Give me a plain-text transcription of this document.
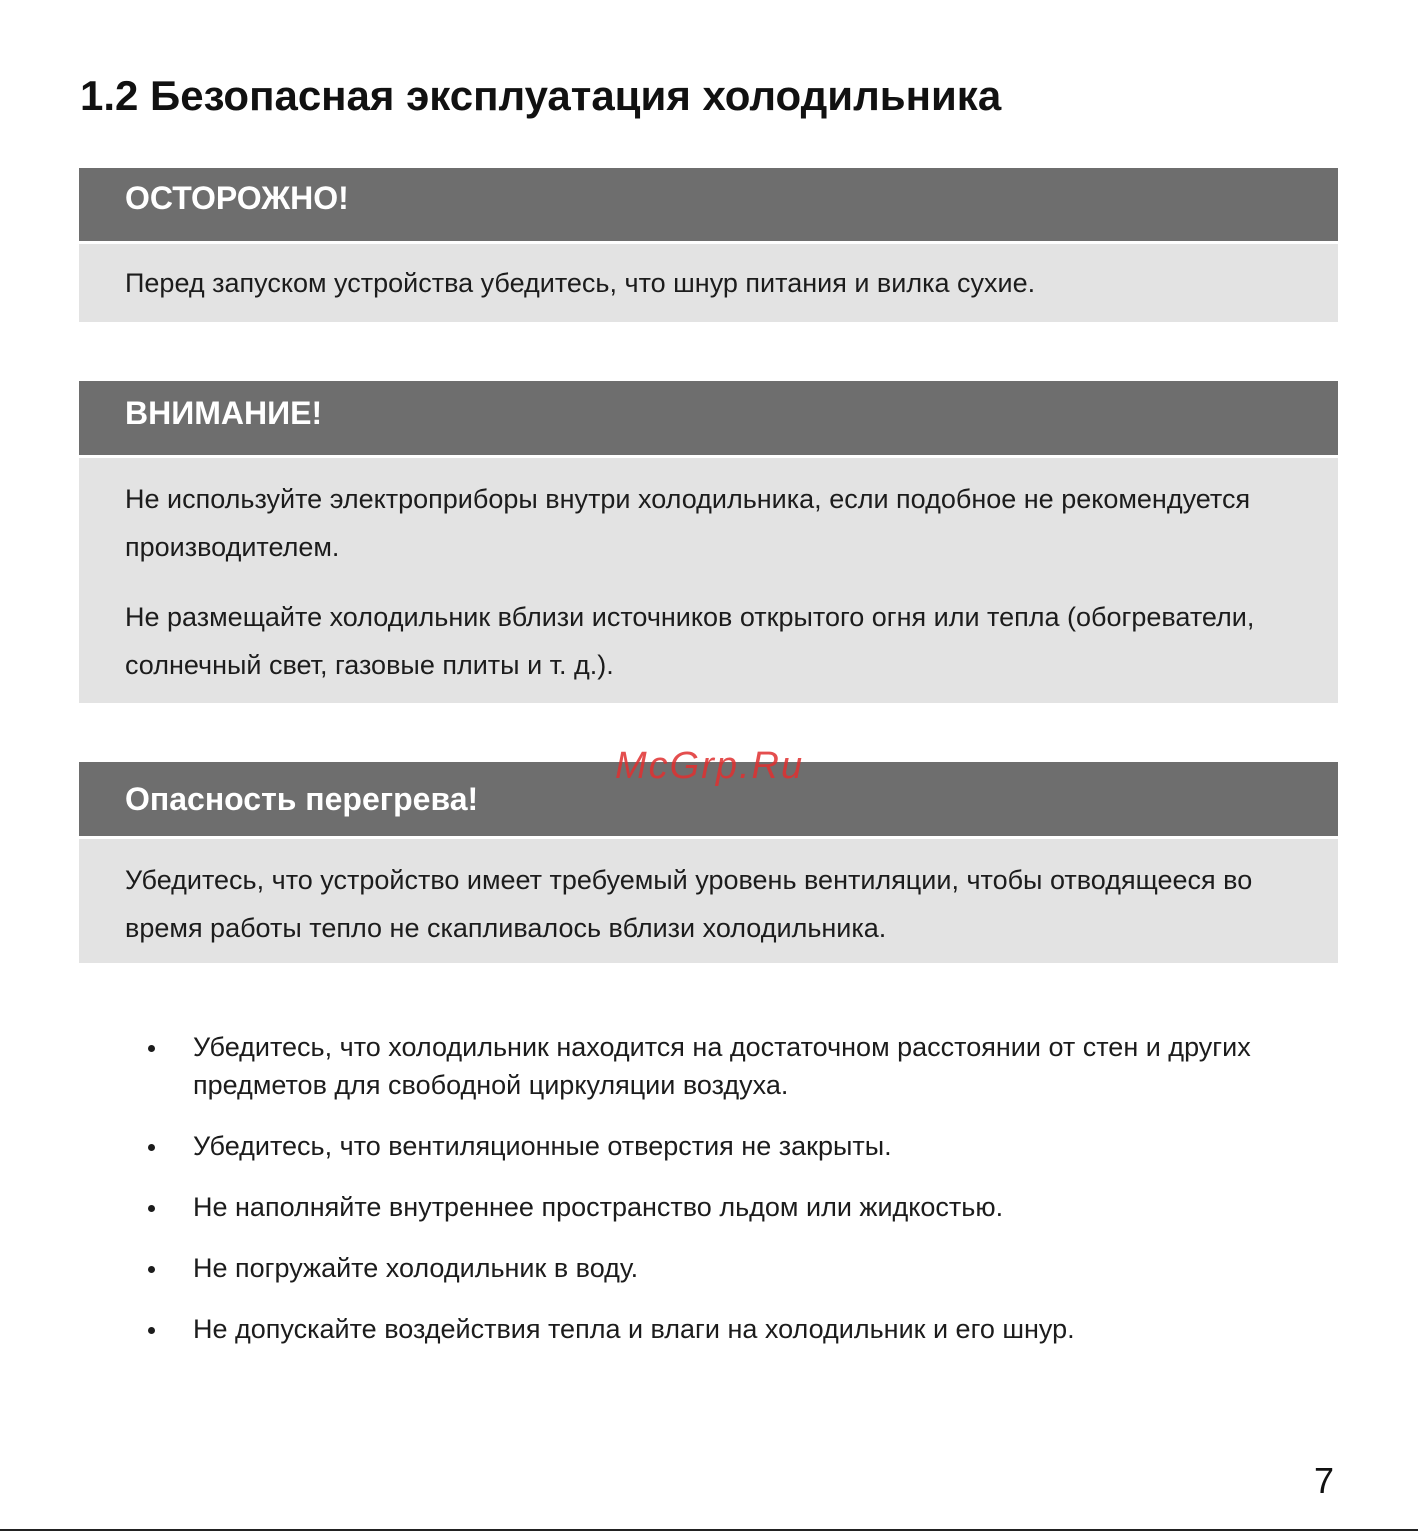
1.2 Безопасная эксплуатация холодильника
ОСТОРОЖНО!

Перед запуском устройства убедитесь, что шнур питания и вилка сухие.

ВНИМАНИЕ!

Не используйте электроприборы внутри холодильника, если подобное не рекомендуется производителем.

Не размещайте холодильник вблизи источников открытого огня или тепла (обогреватели, солнечный свет, газовые плиты и т. д.).

Опасность перегрева!

Убедитесь, что устройство имеет требуемый уровень вентиляции, чтобы отводящееся во время работы тепло не скапливалось вблизи холодильника.

McGrp.Ru
Убедитесь, что холодильник находится на достаточном расстоянии от стен и других предметов для свободной циркуляции воздуха.
Убедитесь, что вентиляционные отверстия не закрыты.
Не наполняйте внутреннее пространство льдом или жидкостью.
Не погружайте холодильник в воду.
Не допускайте воздействия тепла и влаги на холодильник и его шнур.
7
